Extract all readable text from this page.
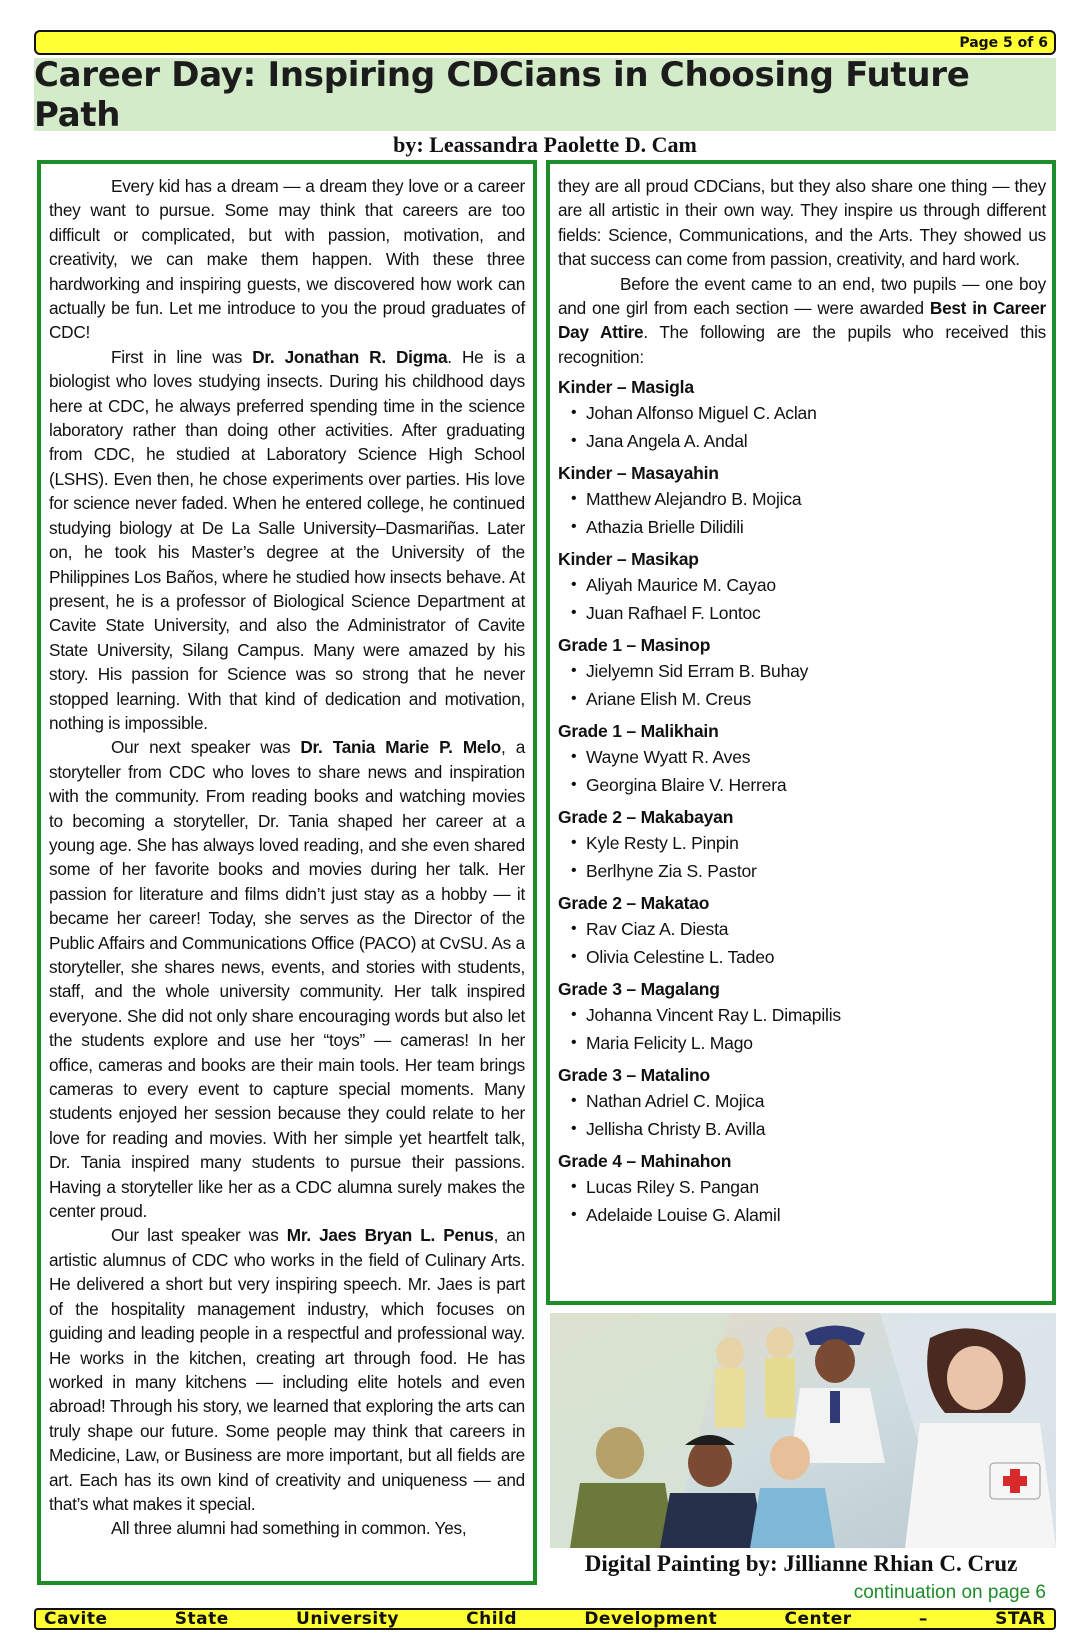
Page 5 of 6
Career Day: Inspiring CDCians in Choosing Future Path
by: Leassandra Paolette D. Cam

Every kid has a dream — a dream they love or a career they want to pursue. Some may think that careers are too difficult or complicated, but with passion, motivation, and creativity, we can make them happen. With these three hardworking and inspiring guests, we discovered how work can actually be fun. Let me introduce to you the proud graduates of CDC!

First in line was Dr. Jonathan R. Digma. He is a biologist who loves studying insects. During his childhood days here at CDC, he always preferred spending time in the science laboratory rather than doing other activities. After graduating from CDC, he studied at Laboratory Science High School (LSHS). Even then, he chose experiments over parties. His love for science never faded. When he entered college, he continued studying biology at De La Salle University–Dasmariñas. Later on, he took his Master’s degree at the University of the Philippines Los Baños, where he studied how insects behave. At present, he is a professor of Biological Science Department at Cavite State University, and also the Administrator of Cavite State University, Silang Campus. Many were amazed by his story. His passion for Science was so strong that he never stopped learning. With that kind of dedication and motivation, nothing is impossible.

Our next speaker was Dr. Tania Marie P. Melo, a storyteller from CDC who loves to share news and inspiration with the community. From reading books and watching movies to becoming a storyteller, Dr. Tania shaped her career at a young age. She has always loved reading, and she even shared some of her favorite books and movies during her talk. Her passion for literature and films didn’t just stay as a hobby — it became her career! Today, she serves as the Director of the Public Affairs and Communications Office (PACO) at CvSU. As a storyteller, she shares news, events, and stories with students, staff, and the whole university community. Her talk inspired everyone. She did not only share encouraging words but also let the students explore and use her “toys” — cameras! In her office, cameras and books are their main tools. Her team brings cameras to every event to capture special moments. Many students enjoyed her session because they could relate to her love for reading and movies. With her simple yet heartfelt talk, Dr. Tania inspired many students to pursue their passions. Having a storyteller like her as a CDC alumna surely makes the center proud.

Our last speaker was Mr. Jaes Bryan L. Penus, an artistic alumnus of CDC who works in the field of Culinary Arts. He delivered a short but very inspiring speech. Mr. Jaes is part of the hospitality management industry, which focuses on guiding and leading people in a respectful and professional way. He works in the kitchen, creating art through food. He has worked in many kitchens — including elite hotels and even abroad! Through his story, we learned that exploring the arts can truly shape our future. Some people may think that careers in Medicine, Law, or Business are more important, but all fields are art. Each has its own kind of creativity and uniqueness — and that’s what makes it special.

All three alumni had something in common. Yes,

they are all proud CDCians, but they also share one thing — they are all artistic in their own way. They inspire us through different fields: Science, Communications, and the Arts. They showed us that success can come from passion, creativity, and hard work.

Before the event came to an end, two pupils — one boy and one girl from each section — were awarded Best in Career Day Attire. The following are the pupils who received this recognition:

Kinder – Masigla
• Johan Alfonso Miguel C. Aclan
• Jana Angela A. Andal
Kinder – Masayahin
• Matthew Alejandro B. Mojica
• Athazia Brielle Dilidili
Kinder – Masikap
• Aliyah Maurice M. Cayao
• Juan Rafhael F. Lontoc
Grade 1 – Masinop
• Jielyemn Sid Erram B. Buhay
• Ariane Elish M. Creus
Grade 1 – Malikhain
• Wayne Wyatt R. Aves
• Georgina Blaire V. Herrera
Grade 2 – Makabayan
• Kyle Resty L. Pinpin
• Berlhyne Zia S. Pastor
Grade 2 – Makatao
• Rav Ciaz A. Diesta
• Olivia Celestine L. Tadeo
Grade 3 – Magalang
• Johanna Vincent Ray L. Dimapilis
• Maria Felicity L. Mago
Grade 3 – Matalino
• Nathan Adriel C. Mojica
• Jellisha Christy B. Avilla
Grade 4 – Mahinahon
• Lucas Riley S. Pangan
• Adelaide Louise G. Alamil
Digital Painting by: Jillianne Rhian C. Cruz
continuation on page 6
Cavite	State	University	Child	Development	Center	–	STAR
